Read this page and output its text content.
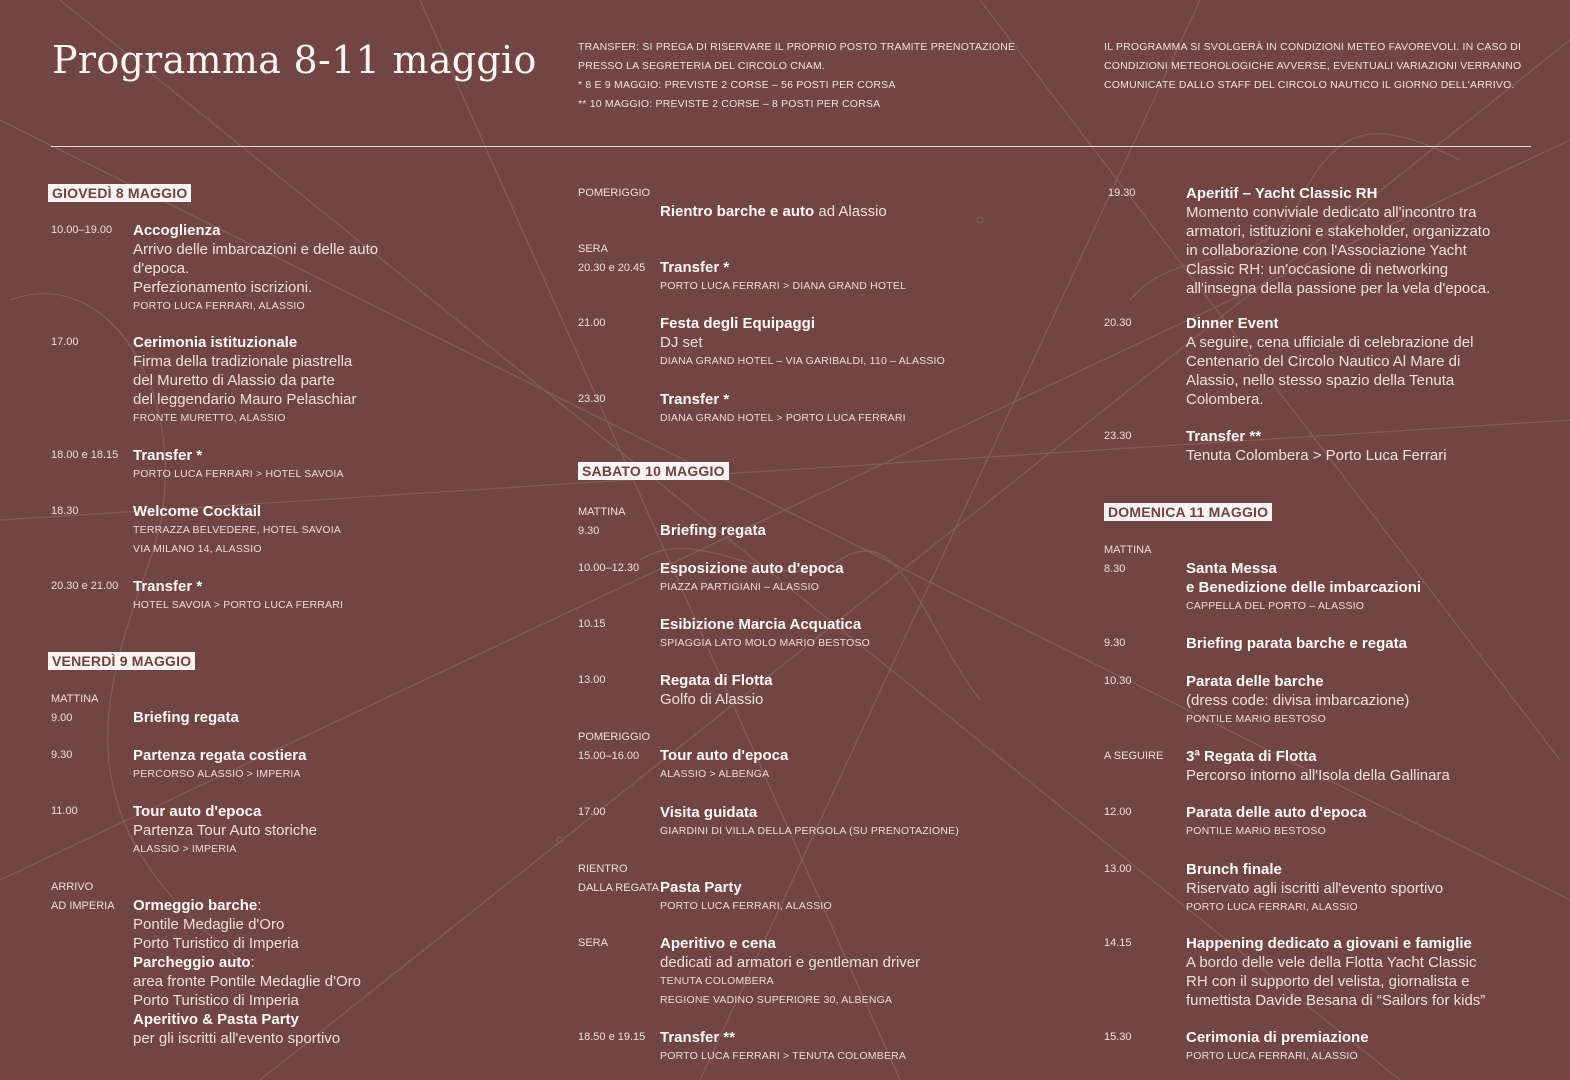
Programma 8-11 maggio	TRANSFER: SI PREGA DI RISERVARE IL PROPRIO POSTO TRAMITE PRENOTAZIONE

PRESSO LA SEGRETERIA DEL CIRCOLO CNAM.

* 8 E 9 MAGGIO: PREVISTE 2 CORSE – 56 POSTI PER CORSA

** 10 MAGGIO: PREVISTE 2 CORSE – 8 POSTI PER CORSA

IL PROGRAMMA SI SVOLGERÀ IN CONDIZIONI METEO FAVOREVOLI. IN CASO DI

CONDIZIONI METEOROLOGICHE AVVERSE, EVENTUALI VARIAZIONI VERRANNO

COMUNICATE DALLO STAFF DEL CIRCOLO NAUTICO IL GIORNO DELL'ARRIVO.

GIOVEDÌ 8 MAGGIO
10.00–19.00 Accoglienza
Arrivo delle imbarcazioni e delle auto
d'epoca.
Perfezionamento iscrizioni.
PORTO LUCA FERRARI, ALASSIO
17.00	Cerimonia istituzionale
Firma della tradizionale piastrella
del Muretto di Alassio da parte
del leggendario Mauro Pelaschiar
FRONTE MURETTO, ALASSIO
18.00 e 18.15 Transfer *
PORTO LUCA FERRARI > HOTEL SAVOIA
18.30	Welcome Cocktail
TERRAZZA BELVEDERE, HOTEL SAVOIA
VIA MILANO 14, ALASSIO
20.30 e 21.00 Transfer *
HOTEL SAVOIA > PORTO LUCA FERRARI
VENERDÌ 9 MAGGIO
MATTINA
9.00	Briefing regata
9.30	Partenza regata costiera
PERCORSO ALASSIO > IMPERIA
11.00	Tour auto d'epoca
Partenza Tour Auto storiche
ALASSIO > IMPERIA
ARRIVO
AD IMPERIA Ormeggio barche:
Pontile Medaglie d'Oro
Porto Turistico di Imperia
Parcheggio auto:
area fronte Pontile Medaglie d'Oro
Porto Turistico di Imperia
Aperitivo & Pasta Party
per gli iscritti all'evento sportivo
POMERIGGIO
Rientro barche e auto ad Alassio
SERA
20.30 e 20.45 Transfer *
PORTO LUCA FERRARI > DIANA GRAND HOTEL
21.00	Festa degli Equipaggi
DJ set
DIANA GRAND HOTEL – VIA GARIBALDI, 110 – ALASSIO
23.30	Transfer *
DIANA GRAND HOTEL > PORTO LUCA FERRARI
SABATO 10 MAGGIO
MATTINA
9.30	Briefing regata
10.00–12.30 Esposizione auto d'epoca
PIAZZA PARTIGIANI – ALASSIO
10.15	Esibizione Marcia Acquatica
SPIAGGIA LATO MOLO MARIO BESTOSO
13.00	Regata di Flotta
Golfo di Alassio
POMERIGGIO
15.00–16.00	Tour auto d'epoca
ALASSIO > ALBENGA
17.00	Visita guidata
GIARDINI DI VILLA DELLA PERGOLA (SU PRENOTAZIONE)
RIENTRO
DALLA REGATA Pasta Party
PORTO LUCA FERRARI, ALASSIO
SERA	Aperitivo e cena
dedicati ad armatori e gentleman driver
TENUTA COLOMBERA
REGIONE VADINO SUPERIORE 30, ALBENGA
18.50 e 19.15 Transfer **
PORTO LUCA FERRARI > TENUTA COLOMBERA
19.30	Aperitif – Yacht Classic RH
Momento conviviale dedicato all'incontro tra
armatori, istituzioni e stakeholder, organizzato
in collaborazione con l'Associazione Yacht
Classic RH: un'occasione di networking
all'insegna della passione per la vela d'epoca.
20.30	Dinner Event
A seguire, cena ufficiale di celebrazione del
Centenario del Circolo Nautico Al Mare di
Alassio, nello stesso spazio della Tenuta
Colombera.
23.30	Transfer **
Tenuta Colombera > Porto Luca Ferrari
DOMENICA 11 MAGGIO
MATTINA
8.30	Santa Messa
e Benedizione delle imbarcazioni
CAPPELLA DEL PORTO – ALASSIO
9.30	Briefing parata barche e regata
10.30	Parata delle barche
(dress code: divisa imbarcazione)
PONTILE MARIO BESTOSO
A SEGUIRE 3ª Regata di Flotta
Percorso intorno all'Isola della Gallinara
12.00	Parata delle auto d'epoca
PONTILE MARIO BESTOSO
13.00	Brunch finale
Riservato agli iscritti all'evento sportivo
PORTO LUCA FERRARI, ALASSIO
14.15	Happening dedicato a giovani e famiglie
A bordo delle vele della Flotta Yacht Classic
RH con il supporto del velista, giornalista e
fumettista Davide Besana di “Sailors for kids”
15.30	Cerimonia di premiazione
PORTO LUCA FERRARI, ALASSIO
